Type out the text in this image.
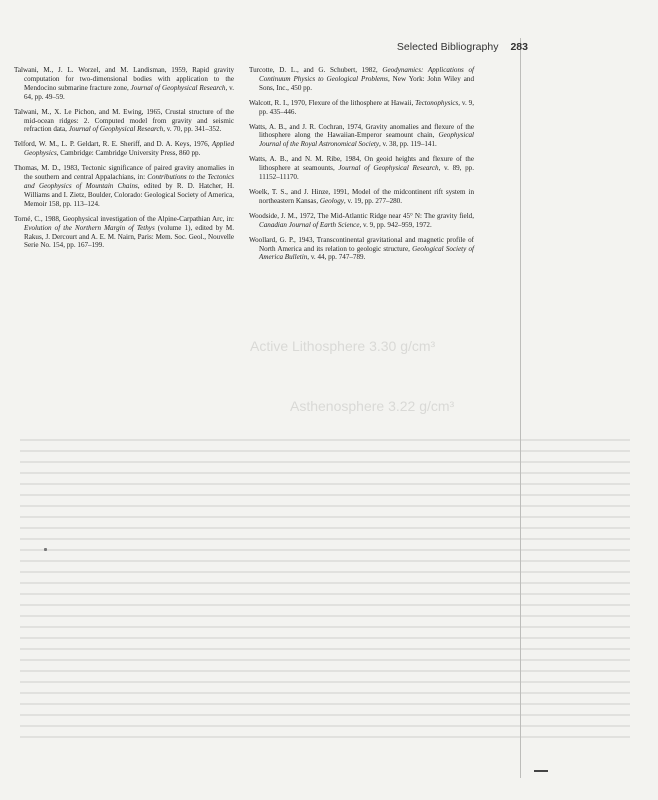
Active Lithosphere 3.30 g/cm³
Asthenosphere 3.22 g/cm³
Selected Bibliography 283
Talwani, M., J. L. Worzel, and M. Landisman, 1959, Rapid gravity computation for two-dimensional bodies with application to the Mendocino submarine fracture zone, Journal of Geophysical Research, v. 64, pp. 49–59.
Talwani, M., X. Le Pichon, and M. Ewing, 1965, Crustal structure of the mid-ocean ridges: 2. Computed model from gravity and seismic refraction data, Journal of Geophysical Research, v. 70, pp. 341–352.
Telford, W. M., L. P. Geldart, R. E. Sheriff, and D. A. Keys, 1976, Applied Geophysics, Cambridge: Cambridge University Press, 860 pp.
Thomas, M. D., 1983, Tectonic significance of paired gravity anomalies in the southern and central Appalachians, in: Contributions to the Tectonics and Geophysics of Mountain Chains, edited by R. D. Hatcher, H. Williams and I. Zietz, Boulder, Colorado: Geological Society of America, Memoir 158, pp. 113–124.
Torné, C., 1988, Geophysical investigation of the Alpine-Carpathian Arc, in: Evolution of the Northern Margin of Tethys (volume 1), edited by M. Rakus, J. Dercourt and A. E. M. Nairn, Paris: Mem. Soc. Geol., Nouvelle Serie No. 154, pp. 167–199.
Turcotte, D. L., and G. Schubert, 1982, Geodynamics: Applications of Continuum Physics to Geological Problems, New York: John Wiley and Sons, Inc., 450 pp.
Walcott, R. I., 1970, Flexure of the lithosphere at Hawaii, Tectonophysics, v. 9, pp. 435–446.
Watts, A. B., and J. R. Cochran, 1974, Gravity anomalies and flexure of the lithosphere along the Hawaiian-Emperor seamount chain, Geophysical Journal of the Royal Astronomical Society, v. 38, pp. 119–141.
Watts, A. B., and N. M. Ribe, 1984, On geoid heights and flexure of the lithosphere at seamounts, Journal of Geophysical Research, v. 89, pp. 11152–11170.
Woelk, T. S., and J. Hinze, 1991, Model of the midcontinent rift system in northeastern Kansas, Geology, v. 19, pp. 277–280.
Woodside, J. M., 1972, The Mid-Atlantic Ridge near 45° N: The gravity field, Canadian Journal of Earth Science, v. 9, pp. 942–959, 1972.
Woollard, G. P., 1943, Transcontinental gravitational and magnetic profile of North America and its relation to geologic structure, Geological Society of America Bulletin, v. 44, pp. 747–789.
